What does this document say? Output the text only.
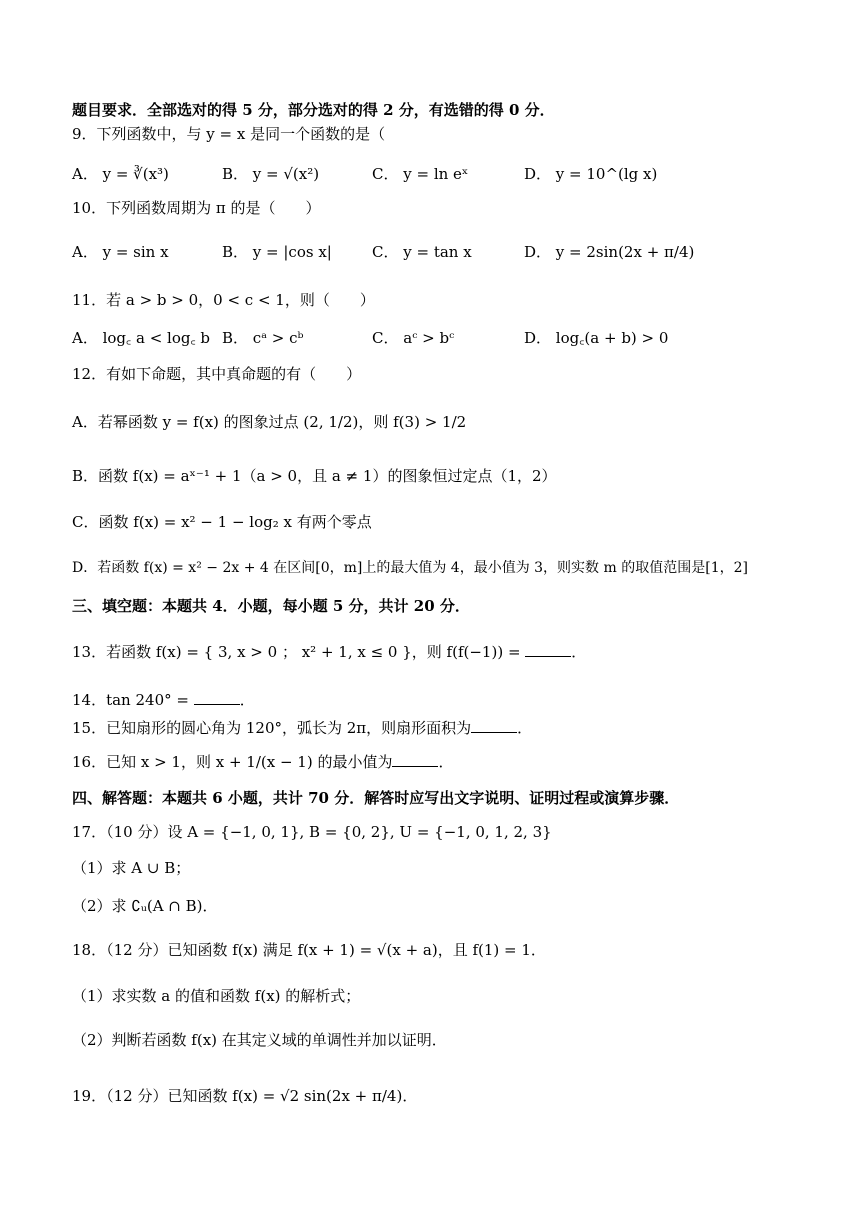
题目要求．全部选对的得 5 分，部分选对的得 2 分，有选错的得 0 分．
9．下列函数中，与 y = x 是同一个函数的是（
A． y = ∛(x³)	B． y = √(x²)	C． y = ln eˣ	D． y = 10^(lg x)
10．下列函数周期为 π 的是（　　）
A． y = sin x	B． y = |cos x|	C． y = tan x	D． y = 2sin(2x + π/4)
11．若 a > b > 0，0 < c < 1，则（　　）
A． log꜀ a < log꜀ b B． cᵃ > cᵇ	C． aᶜ > bᶜ	D． log꜀(a + b) > 0
12．有如下命题，其中真命题的有（　　）
A．若幂函数 y = f(x) 的图象过点 (2, 1/2)，则 f(3) > 1/2
B．函数 f(x) = aˣ⁻¹ + 1（a > 0，且 a ≠ 1）的图象恒过定点（1，2）
C．函数 f(x) = x² − 1 − log₂ x 有两个零点
D．若函数 f(x) = x² − 2x + 4 在区间[0，m]上的最大值为 4，最小值为 3，则实数 m 的取值范围是[1，2]
三、填空题：本题共 4．小题，每小题 5 分，共计 20 分．
13．若函数 f(x) = { 3, x > 0 ； x² + 1, x ≤ 0 }，则 f(f(−1)) =	．
14．tan 240° =	．
15．已知扇形的圆心角为 120°，弧长为 2π，则扇形面积为	．
16．已知 x > 1，则 x + 1/(x − 1) 的最小值为	．
四、解答题：本题共 6 小题，共计 70 分．解答时应写出文字说明、证明过程或演算步骤．
17．（10 分）设 A = {−1, 0, 1}, B = {0, 2}, U = {−1, 0, 1, 2, 3}
（1）求 A ∪ B；
（2）求 ∁ᵤ(A ∩ B)．
18．（12 分）已知函数 f(x) 满足 f(x + 1) = √(x + a)，且 f(1) = 1．
（1）求实数 a 的值和函数 f(x) 的解析式；
（2）判断若函数 f(x) 在其定义域的单调性并加以证明．
19．（12 分）已知函数 f(x) = √2 sin(2x + π/4)．
